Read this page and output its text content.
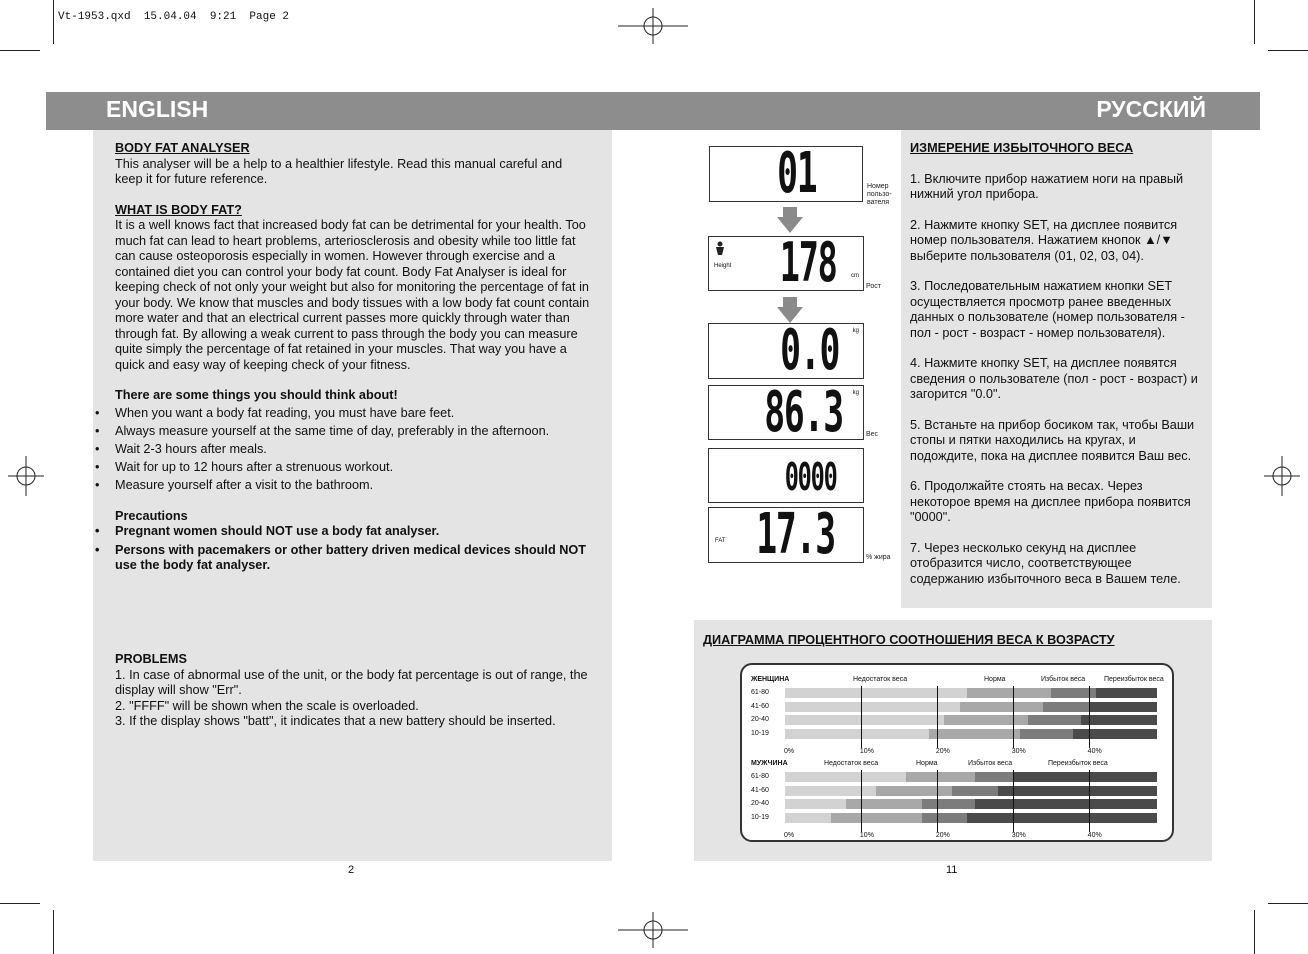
Vt-1953.qxd  15.04.04  9:21  Page 2
ENGLISH	РУССКИЙ
BODY FAT ANALYSER
This analyser will be a help to a healthier lifestyle. Read this manual careful and keep it for future reference.
WHAT IS BODY FAT?
It is a well knows fact that increased body fat can be detrimental for your health. Too much fat can lead to heart problems, arteriosclerosis and obesity while too little fat can cause osteoporosis especially in women. However through exercise and a contained diet you can control your body fat count. Body Fat Analyser is ideal for keeping check of not only your weight but also for monitoring the percentage of fat in your body. We know that muscles and body tissues with a low body fat count contain more water and that an electrical current passes more quickly through water than through fat. By allowing a weak current to pass through the body you can measure quite simply the percentage of fat retained in your muscles. That way you have a quick and easy way of keeping check of your fitness.
There are some things you should think about!
• When you want a body fat reading, you must have bare feet.
• Always measure yourself at the same time of day, preferably in the afternoon.
• Wait 2-3 hours after meals.
• Wait for up to 12 hours after a strenuous workout.
• Measure yourself after a visit to the bathroom.
Precautions
• Pregnant women should NOT use a body fat analyser.
• Persons with pacemakers or other battery driven medical devices should NOT use the body fat analyser.
PROBLEMS
1. In case of abnormal use of the unit, or the body fat percentage is out of range, the display will show "Err".
2. "FFFF" will be shown when the scale is overloaded.
3. If the display shows "batt", it indicates that a new battery should be inserted.
2
01	Номер пользо- вателя
Height 178 cm
Рост
0.0 kg
86.3 kg
Вес
0000
FAT 17.3	% жира
ИЗМЕРЕНИЕ ИЗБЫТОЧНОГО ВЕСА
1. Включите прибор нажатием ноги на правый нижний угол прибора.
2. Нажмите кнопку SET, на дисплее появится номер пользователя. Нажатием кнопок ▲/▼ выберите пользователя (01, 02, 03, 04).
3. Последовательным нажатием кнопки SET осуществляется просмотр ранее введенных данных о пользователе (номер пользователя - пол - рост - возраст - номер пользователя).
4. Нажмите кнопку SET, на дисплее появятся сведения о пользователе (пол - рост - возраст) и загорится "0.0".
5. Встаньте на прибор босиком так, чтобы Ваши стопы и пятки находились на кругах, и подождите, пока на дисплее появится Ваш вес.
6. Продолжайте стоять на весах. Через некоторое время на дисплее прибора появится "0000".
7. Через несколько секунд на дисплее отобразится число, соответствующее содержанию избыточного веса в Вашем теле.
ДИАГРАММА ПРОЦЕНТНОГО СООТНОШЕНИЯ ВЕСА К ВОЗРАСТУ
ЖЕНЩИНА	Недостаток веса	Норма	Избыток веса	Переизбыток веса
61-80
41-60
20-40
10-19
0%	10%	20%	30%	40%
МУЖЧИНА	Недостаток веса	Норма	Избыток веса	Переизбыток веса
61-80
41-60
20-40
10-19
0%	10%	20%	30%	40%
11
